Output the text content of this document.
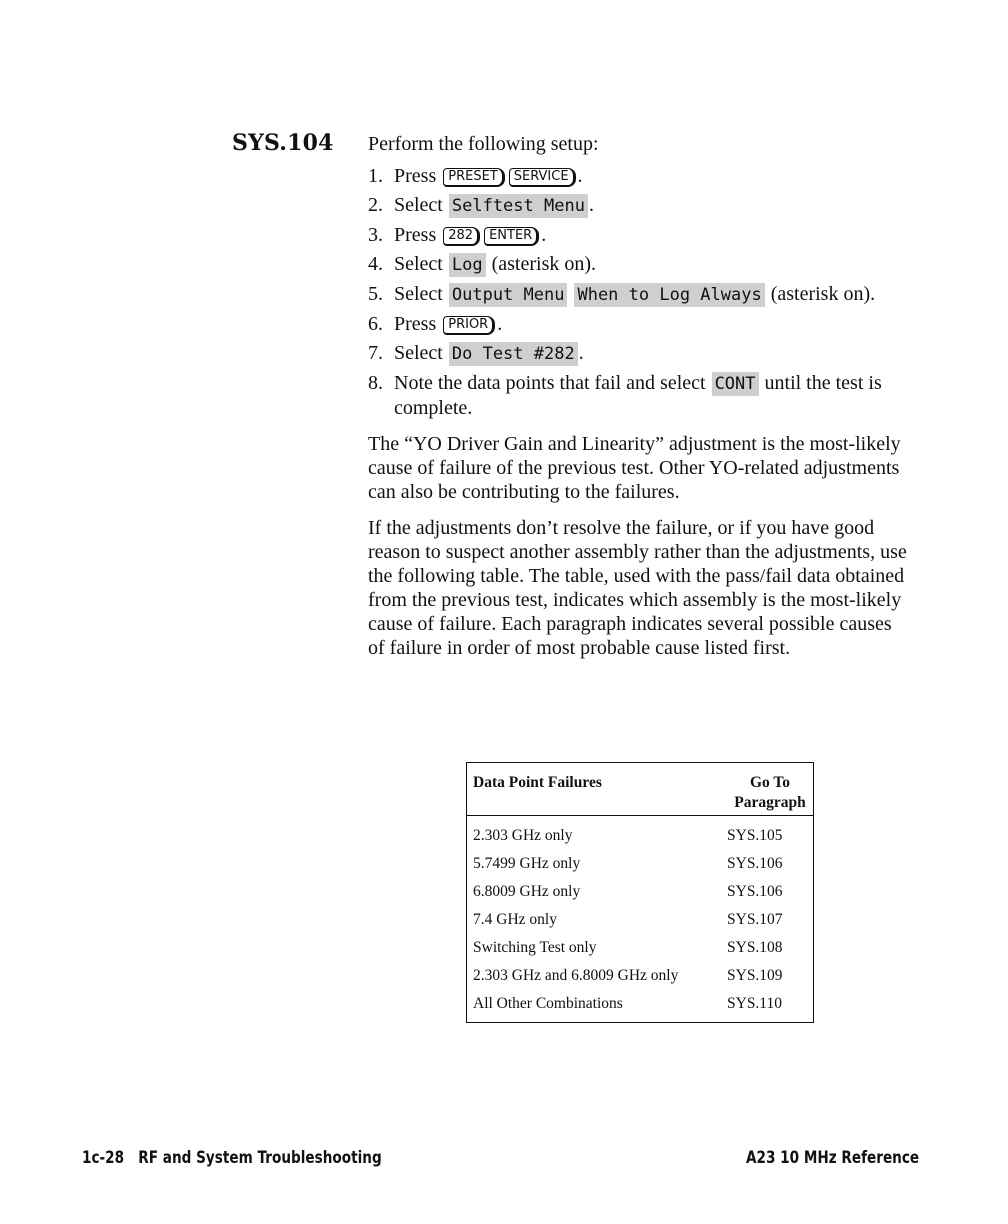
SYS.104 Perform the following setup:
1. Press PRESET SERVICE .
2. Select Selftest Menu .
3. Press 282 ENTER .
4. Select Log (asterisk on).
5. Select Output Menu When to Log Always (asterisk on).
6. Press PRIOR .
7. Select Do Test #282 .
8. Note the data points that fail and select CONT until the test is complete.

The “YO Driver Gain and Linearity” adjustment is the most-likely cause of failure of the previous test. Other YO-related adjustments can also be contributing to the failures.

If the adjustments don’t resolve the failure, or if you have good reason to suspect another assembly rather than the adjustments, use the following table. The table, used with the pass/fail data obtained from the previous test, indicates which assembly is the most-likely cause of failure. Each paragraph indicates several possible causes of failure in order of most probable cause listed first.

Data Point Failures	Go To Paragraph
2.303 GHz only	SYS.105
5.7499 GHz only	SYS.106
6.8009 GHz only	SYS.106
7.4 GHz only	SYS.107
Switching Test only	SYS.108
2.303 GHz and 6.8009 GHz only	SYS.109
All Other Combinations	SYS.110
1c-28   RF and System Troubleshooting	A23 10 MHz Reference
